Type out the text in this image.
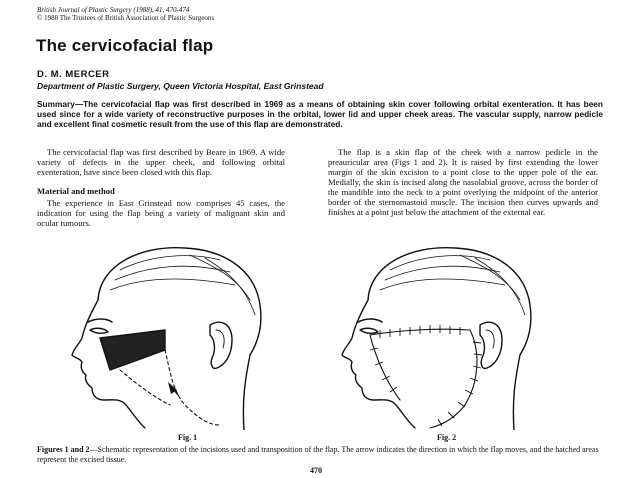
British Journal of Plastic Surgery (1988), 41, 470-474
© 1988 The Trustees of British Association of Plastic Surgeons
The cervicofacial flap
D. M. MERCER
Department of Plastic Surgery, Queen Victoria Hospital, East Grinstead
Summary—The cervicofacial flap was first described in 1969 as a means of obtaining skin cover following orbital exenteration. It has been used since for a wide variety of reconstructive purposes in the orbital, lower lid and upper cheek areas. The vascular supply, narrow pedicle and excellent final cosmetic result from the use of this flap are demonstrated.

The cervicofacial flap was first described by Beare in 1969. A wide variety of defects in the upper cheek, and following orbital exenteration, have since been closed with this flap.

Material and method

The experience in East Grinstead now comprises 45 cases, the indication for using the flap being a variety of malignant skin and ocular tumours.

The flap is a skin flap of the cheek with a narrow pedicle in the preauricular area (Figs 1 and 2). It is raised by first extending the lower margin of the skin excision to a point close to the upper pole of the ear. Medially, the skin is incised along the nasolabial groove, across the border of the mandible into the neck to a point overlying the midpoint of the anterior border of the sternomastoid muscle. The incision then curves upwards and finishes at a point just below the attachment of the external ear.

Fig. 1	Fig. 2
Figures 1 and 2—Schematic representation of the incisions used and transposition of the flap. The arrow indicates the direction in which the flap moves, and the hatched areas represent the excised tissue.
470
